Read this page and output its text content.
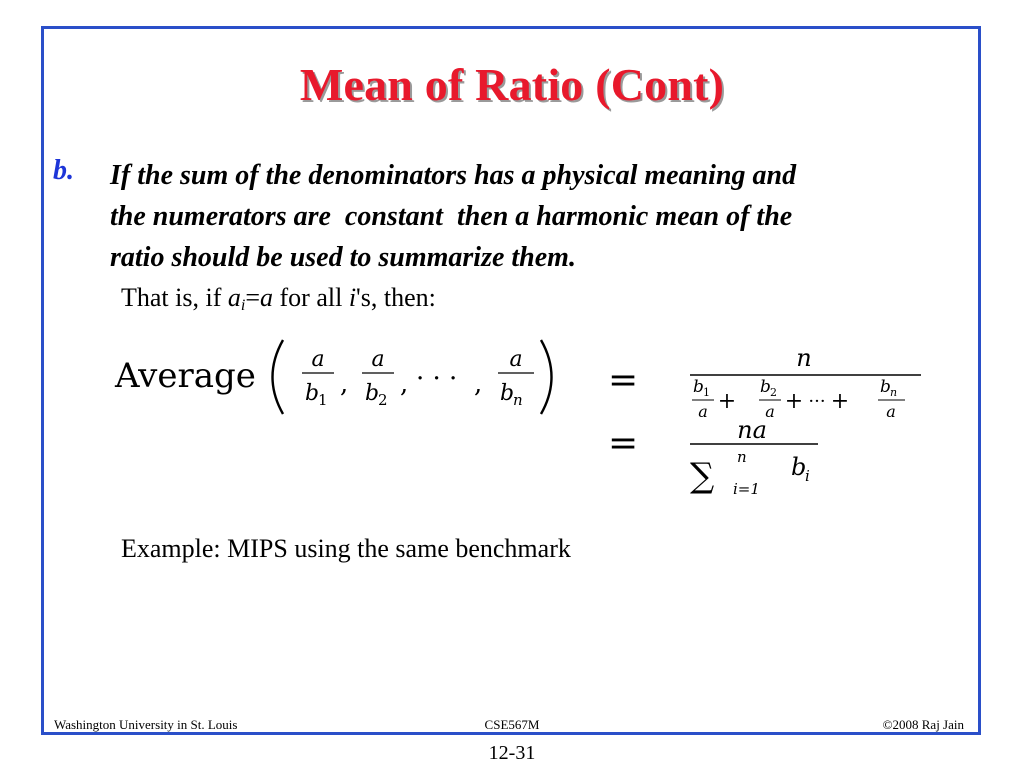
Mean of Ratio (Cont)
b. If the sum of the denominators has a physical meaning and
the numerators are  constant  then a harmonic mean of the
ratio should be used to summarize them.
That is, if $a_i=a$ for all i's, then:
Average	a
b
1
,
a
b
2
, · · · ,
a
b
n =
n
b 1
a +
b 2
a + ··· +
b n
a
=	na
∑ n
i=1
b
i
Example: MIPS using the same benchmark
Washington University in St. Louis	CSE567M	©2008 Raj Jain
12-31
